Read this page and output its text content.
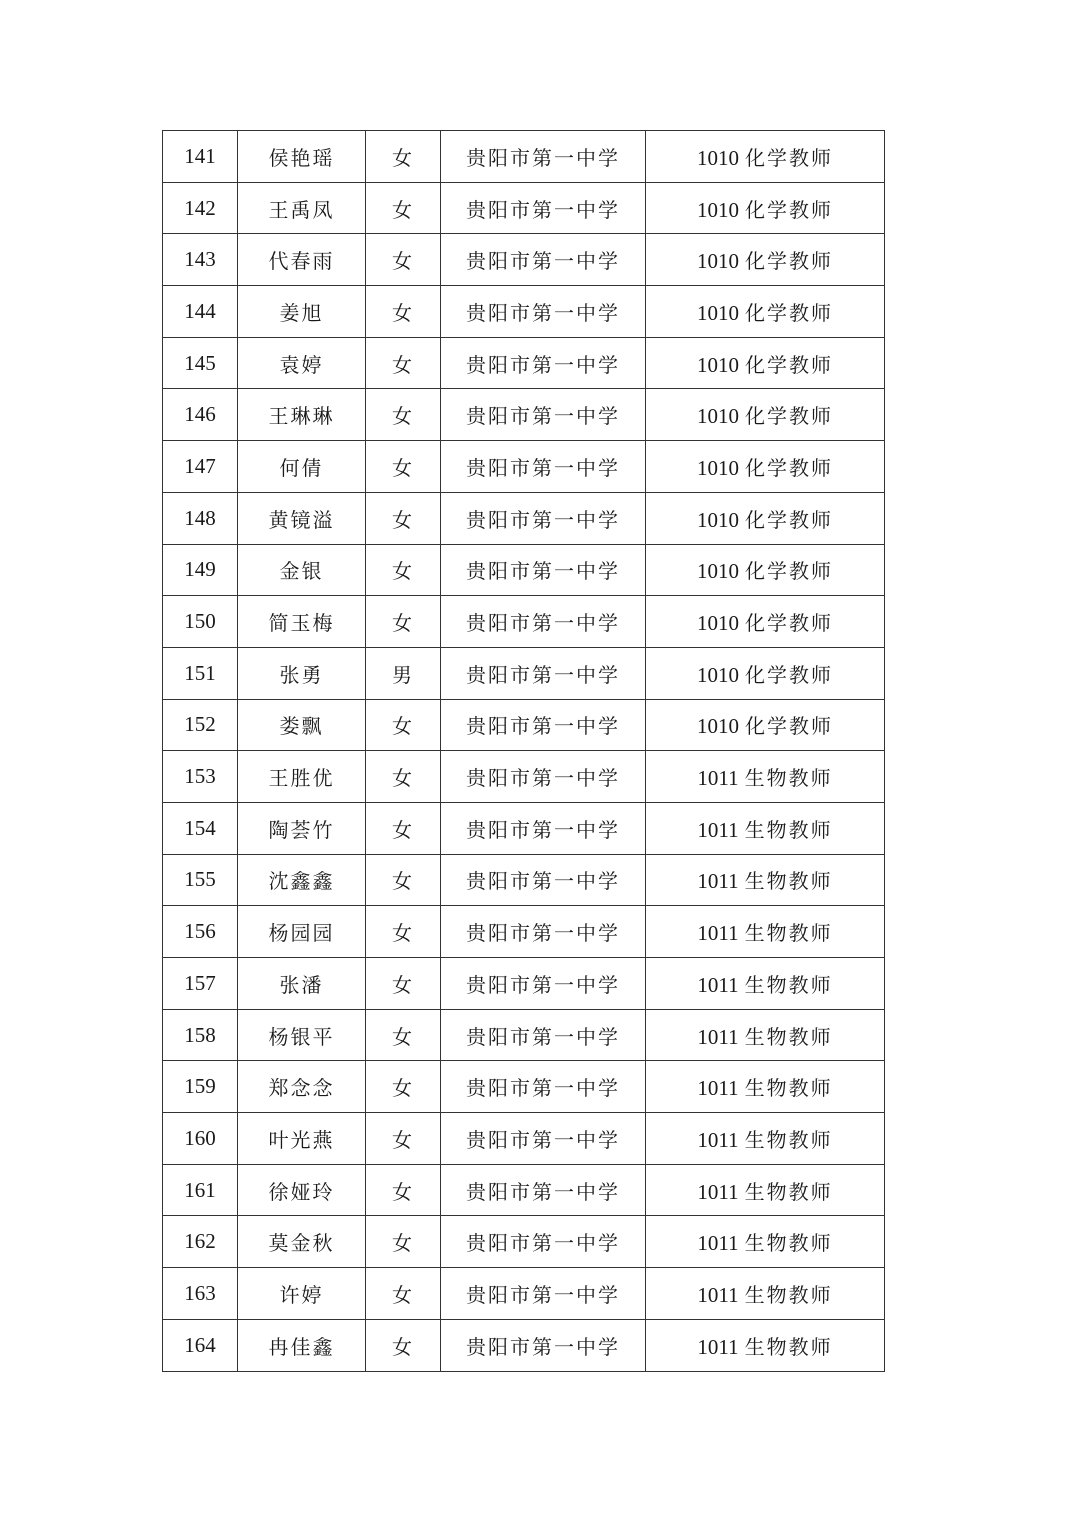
141	侯艳瑶	女	贵阳市第一中学	1010 化学教师
142	王禹凤	女	贵阳市第一中学	1010 化学教师
143	代春雨	女	贵阳市第一中学	1010 化学教师
144	姜旭	女	贵阳市第一中学	1010 化学教师
145	袁婷	女	贵阳市第一中学	1010 化学教师
146	王琳琳	女	贵阳市第一中学	1010 化学教师
147	何倩	女	贵阳市第一中学	1010 化学教师
148	黄镜溢	女	贵阳市第一中学	1010 化学教师
149	金银	女	贵阳市第一中学	1010 化学教师
150	简玉梅	女	贵阳市第一中学	1010 化学教师
151	张勇	男	贵阳市第一中学	1010 化学教师
152	娄飘	女	贵阳市第一中学	1010 化学教师
153	王胜优	女	贵阳市第一中学	1011 生物教师
154	陶荟竹	女	贵阳市第一中学	1011 生物教师
155	沈鑫鑫	女	贵阳市第一中学	1011 生物教师
156	杨园园	女	贵阳市第一中学	1011 生物教师
157	张潘	女	贵阳市第一中学	1011 生物教师
158	杨银平	女	贵阳市第一中学	1011 生物教师
159	郑念念	女	贵阳市第一中学	1011 生物教师
160	叶光燕	女	贵阳市第一中学	1011 生物教师
161	徐娅玲	女	贵阳市第一中学	1011 生物教师
162	莫金秋	女	贵阳市第一中学	1011 生物教师
163	许婷	女	贵阳市第一中学	1011 生物教师
164	冉佳鑫	女	贵阳市第一中学	1011 生物教师
